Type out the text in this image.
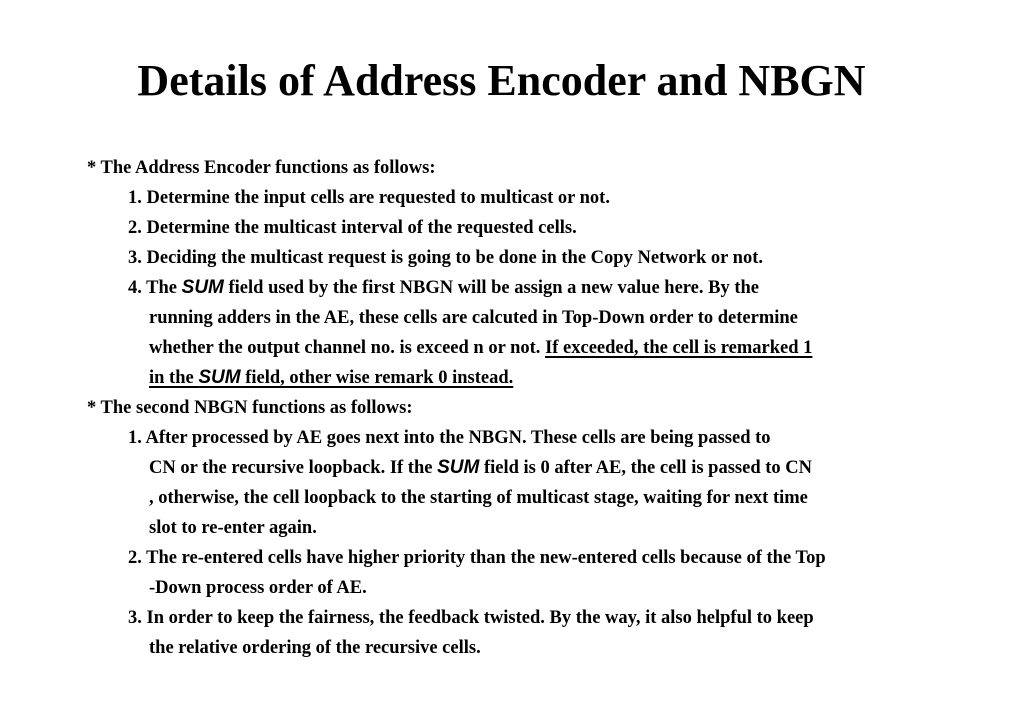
Details of Address Encoder and NBGN
* The Address Encoder functions as follows:
1. Determine the input cells are requested to multicast or not.
2. Determine the multicast interval of the requested cells.
3. Deciding the multicast request is going to be done in the Copy Network or not.
4. The SUM field used by the first NBGN will be assign a new value here. By the
running adders in the AE, these cells are calcuted in Top-Down order to determine
whether the output channel no. is exceed n or not. If exceeded, the cell is remarked 1
in the SUM field, other wise remark 0 instead.
* The second NBGN functions as follows:
1. After processed by AE goes next into the NBGN. These cells are being passed to
CN or the recursive loopback. If the SUM field is 0 after AE, the cell is passed to CN
, otherwise, the cell loopback to the starting of multicast stage, waiting for next time
slot to re-enter again.
2. The re-entered cells have higher priority than the new-entered cells because of the Top
-Down process order of AE.
3. In order to keep the fairness, the feedback twisted. By the way, it also helpful to keep
the relative ordering of the recursive cells.
